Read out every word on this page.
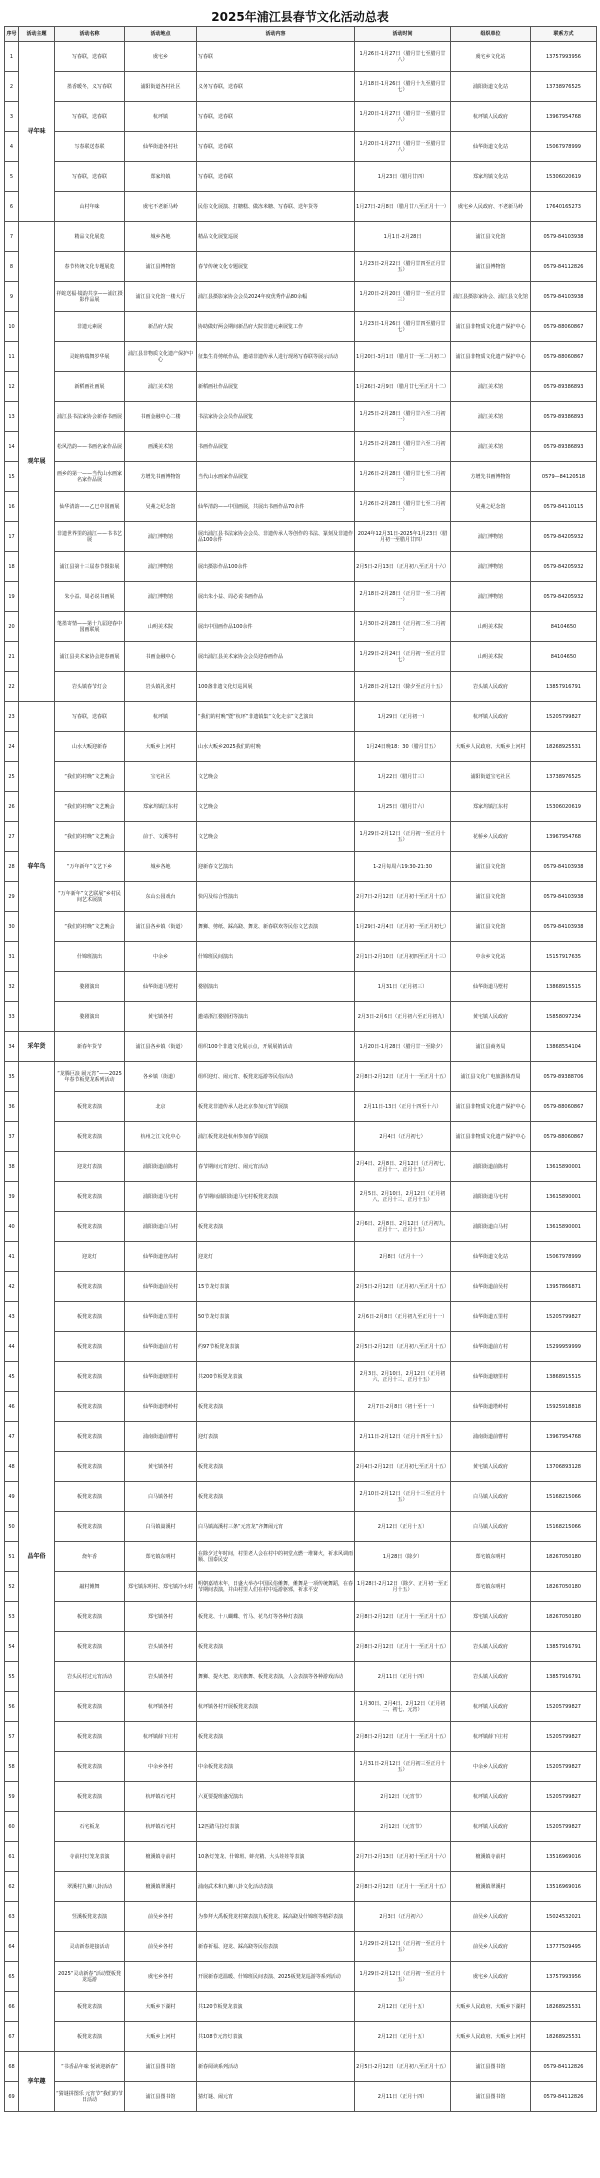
2025年浦江县春节文化活动总表
序号	活动主题	活动名称	活动地点	活动内容	活动时间	组织单位	联系方式
1	寻年味	写春联，送春联	虞宅乡	写春联	1月26日-1月27日（腊月廿七至腊月廿八）	虞宅乡文化站	13757993956
2		墨香暖冬，义写春联	浦阳街道各村社区	义务写春联，送春联	1月18日-1月26日（腊月十九至腊月廿七）	浦阳街道文化站	13738976525
3		写春联，送春联	杭坪镇	写春联，送春联	1月20日-1月27日（腊月廿一至腊月廿八）	杭坪镇人民政府	13967954768
4		写春联送春联	仙华街道各村社	写春联，送春联	1月20日-1月27日（腊月廿一至腊月廿八）	仙华街道文化站	15067978999
5		写春联，送春联	郑家坞镇	写春联，送春联	1月23日（腊月廿四）	郑家坞镇文化站	15306020619
6		山村年味	虞宅不老新马岭	民俗文化展演、打糖糕、做冻米糖、写春联、送年货等	1月27日-2月8日（腊月廿八至正月十一）	虞宅乡人民政府、不老新马岭	17640165273
7	观年展	精品文化展览	城乡各地	精品文化展览巡展	1月1日-2月28日	浦江县文化馆	0579-84103938
8		春节传统文化专题展览	浦江县博物馆	春节传统文化专题展览	1月23日-2月22日（腊月廿四至正月廿五）	浦江县博物馆	0579-84112826
9		祥蛇送福·镜韵共享——浦江摄影作品展	浦江县文化馆一楼大厅	浦江县摄影家协会会员2024年度优秀作品80余幅	1月20日-2月20日（腊月廿一至正月廿三）	浦江县摄影家协会、浦江县文化馆	0579-84103938
10		非遗元素展	新昌府大院	协助做好两会期间新昌府大院非遗元素展览工作	1月23日-1月26日（腊月廿四至腊月廿七）	浦江县非物质文化遗产保护中心	0579-88060867
11		灵蛇纳瑞舞岁华展	浦江县非物质文化遗产保护中心	征集生肖剪纸作品，邀请非遗传承人进行现场写春联等展示活动	1月20日-3月1日（腊月廿一至二月初二）	浦江县非物质文化遗产保护中心	0579-88060867
12		新稻画社画展	浦江美术馆	新稻画社作品展览	1月26日-2月9日（腊月廿七至正月十二）	浦江美术馆	0579-89386893
13		浦江县书法家协会新春书画展	书画金融中心二楼	书法家协会会员作品展览	1月25日-2月28日（腊月廿六至二月初一）	浦江美术馆	0579-89386893
14		松风浩韵——书画名家作品展	画溪美术馆	书画作品展览	1月25日-2月28日（腊月廿六至二月初一）	浦江美术馆	0579-89386893
15		画乡的第一——当代山水画家名家作品展	方增先书画博物馆	当代山水画家作品展览	1月26日-2月28日（腊月廿七至二月初一）	方增先书画博物馆	0579—84120518
16		仙华清韵——乙巳中国画展	吴茀之纪念馆	仙华清韵——中国画展，共展出书画作品70余件	1月26日-2月28日（腊月廿七至二月初一）	吴茀之纪念馆	0579-84110115
17		非遗世界里的浦江——书书艺展	浦江博物馆	展出浦江县书法家协会会员、非遗传承人等创作的书法、篆刻及非遗作品100余件	2024年12月31日-2025年1月23日（腊月初一至腊月廿四）	浦江博物馆	0579-84205932
18		浦江县第十三届春节摄影展	浦江博物馆	展出摄影作品100余件	2月5日-2月13日（正月初八至正月十六）	浦江博物馆	0579-84205932
19		朱小益、周必说书画展	浦江博物馆	展出朱小益、周必说书画作品	2月18日-2月28日（正月廿一至二月初一）	浦江博物馆	0579-84205932
20		笔墨寄情——第十九届迎春中国画联展	山明美术院	展出中国画作品100余件	1月30日-2月28日（正月初二至二月初一）	山明美术院	84104650
21		浦江县美术家协会迎春画展	书画金融中心	展出浦江县美术家协会会员迎春画作品	1月29日-2月24日（正月初一至正月廿七）	山明美术院	84104650
22		岩头镇春节灯会	岩头镇礼张村	100盏非遗文化灯巡回展	1月28日-2月12日（除夕至正月十五）	岩头镇人民政府	13857916791
23	春年鸟	写春联，送春联	杭坪镇	“我们的村晚”暨“杭坪”非遗镇集“文化走亲”文艺演出	1月29日（正月初一）	杭坪镇人民政府	15205799827
24		山水大畈迎新春	大畈乡上河村	山水大畈乡2025我们的村晚	1月24日晚18：30（腊月廿五）	大畈乡人民政府、大畈乡上河村	18268925531
25		“我们的村晚”文艺晚会	宝宅社区	文艺晚会	1月22日（腊月廿三）	浦阳街道宝宅社区	13738976525
26		“我们的村晚”文艺晚会	郑家坞镇江东村	文艺晚会	1月25日（腊月廿六）	郑家坞镇江东村	15306020619
27		“我们的村晚”文艺晚会	前于、文溪等村	文艺晚会	1月29日-2月12日（正月初一至正月十五）	花桥乡人民政府	13967954768
28		“万年新年”文艺下乡	城乡各地	迎新春文艺演出	1-2月每周六19:30-21:30	浦江县文化馆	0579-84103938
29		“万年新年”文艺联展”乡村民间艺术展演	东山公园戏台	快闪及综合性演出	2月7日-2月12日（正月初十至正月十五）	浦江县文化馆	0579-84103938
30		“我们的村晚”文艺晚会	浦江县各乡镇（街道）	舞狮、剪纸、踩高跷、舞龙、新春联欢等民俗文艺表演	1月29日-2月4日（正月初一至正月初七）	浦江县文化馆	0579-84103938
31		什锦班演出	中余乡	什锦班民间演出	2月1日-2月10日（正月初四至正月十三）	中余乡文化站	15157917635
32		婺剧演出	仙华街道马墅村	婺剧演出	1月31日（正月初三）	仙华街道马墅村	13868915515
33		婺剧演出	黄宅镇各村	邀请浙江婺剧团等演出	2月3日-2月6日（正月初六至正月初九）	黄宅镇人民政府	15858097234
34	采年货	新春年货节	浦江县各乡镇（街道）	组织100个非遗文化展示点，开展展销活动	1月20日-1月28日（腊月廿一至除夕）	浦江县商务局	13868554104
35	品年俗	“龙腾巨浪 闹元宵”——2025年春节板凳龙系列活动	各乡镇（街道）	组织迎灯、闹元宵、板凳龙巡游等民俗活动	2月8日-2月12日（正月十一至正月十五）	浦江县文化广电旅游体育局	0579-89388706
36		板凳龙表演	北京	板凳龙非遗传承人赴北京参加元宵节展演	2月11日-13日（正月十四至十六）	浦江县非物质文化遗产保护中心	0579-88060867
37		板凳龙表演	杭州之江文化中心	浦江板凳龙赴杭州参加春节展演	2月4日（正月初七）	浦江县非物质文化遗产保护中心	0579-88060867
38		迎龙灯表演	浦阳街道前陈村	春节期间元宵迎灯、闹元宵活动	2月4日、2月8日、2月12日（正月初七、正月十一、正月十五）	浦阳街道前陈村	13615890001
39		板凳龙表演	浦阳街道马宅村	春节期间浦阳街道马宅村板凳龙表演	2月5日、2月10日、2月12日（正月初八、正月十三、正月十五）	浦阳街道马宅村	13615890001
40		板凳龙表演	浦阳街道白马村	板凳龙表演	2月6日、2月8日、2月12日（正月初九、正月十一、正月十五）	浦阳街道白马村	13615890001
41		迎龙灯	仙华街道登高村	迎龙灯	2月8日（正月十一）	仙华街道文化站	15067978999
42		板凳龙表演	仙华街道前吴村	15节龙灯表演	2月5日-2月12日（正月初八至正月十五）	仙华街道前吴村	13957866871
43		板凳龙表演	仙华街道五里村	50节龙灯表演	2月6日-2月8日（正月初九至正月十一）	仙华街道五里村	15205799827
44		板凳龙表演	仙华街道前方村	约97节板凳龙表演	2月5日-2月12日（正月初八至正月十五）	仙华街道前方村	15299959999
45		板凳龙表演	仙华街道塘里村	共200节板凳龙表演	2月3日、2月10日、2月12日（正月初六、正月十三、正月十五）	仙华街道塘里村	13868915515
46		板凳龙表演	仙华街道塔岭村	板凳龙表演	2月7日-2月8日（初十至十一）	仙华街道塔岭村	15925918818
47		板凳龙表演	浦南街道前曹村	迎灯表演	2月11日-2月12日（正月十四至十五）	浦南街道前曹村	13967954768
48		板凳龙表演	黄宅镇各村	板凳龙表演	2月4日-2月12日（正月初七至正月十五）	黄宅镇人民政府	13706893128
49		板凳龙表演	白马镇各村	板凳龙表演	2月10日-2月12日（正月十三至正月十五）	白马镇人民政府	15168215066
50		板凳龙表演	白马镇嵩溪村	白马镇嵩溪村三条“元宵龙”齐舞闹元宵	2月12日（正月十五）	白马镇人民政府	15168215066
51		烧年香	郑宅镇东明村	在除夕过年时间，村里老人会在村中的祠堂点燃一堆篝火，祈求风调雨顺、国泰民安	1月28日（除夕）	郑宅镇东明村	18267050180
52		敲村傩舞	郑宅镇东明村、郑宅镇冷水村	明朝嘉靖末年，日盛大举办中国民俗傩舞，傩舞是一项传统舞蹈，在春节期间表演，并由村里人们在村中巡游驱邪，祈求平安	1月28日-2月12日（除夕、正月初一至正月十五）	郑宅镇东明村	18267050180
53		板凳龙表演	郑宅镇各村	板凳龙、十八蝴蝶、竹马、花鸟灯等各种灯表演	2月8日-2月12日（正月十一至正月十五）	郑宅镇人民政府	18267050180
54		板凳龙表演	岩头镇各村	板凳龙表演	2月8日-2月12日（正月十一至正月十五）	岩头镇人民政府	13857916791
55		岩头民村过元宵活动	岩头镇各村	舞狮、提火把、龙虎旗舞、板凳龙表演，人会表演等各种游戏活动	2月11日（正月十四）	岩头镇人民政府	13857916791
56		板凳龙表演	杭坪镇各村	杭坪镇各村开展板凳龙表演	1月30日、2月4日、2月12日（正月初二、初七、元宵）	杭坪镇人民政府	15205799827
57		板凳龙表演	杭坪镇薛下庄村	板凳龙表演	2月8日-2月12日（正月十一至正月十五）	杭坪镇薛下庄村	15205799827
58		板凳龙表演	中余乡各村	中余板凳龙表演	1月31日-2月12日（正月初三至正月十五）	中余乡人民政府	15205799827
59		板凳龙表演	杭坪镇石宅村	六夏要提班盛况演出	2月12日（元宵节）	杭坪镇人民政府	15205799827
60		石宅板龙	杭坪镇石宅村	12匹踏马拉灯表演	2月12日（元宵节）	杭坪镇人民政府	15205799827
61		寺前村灯笼龙表演	檀溪镇寺前村	10条灯笼龙、什锦班、蚌壳精、大头娃娃等表演	2月7日-2月13日（正月初十至正月十六）	檀溪镇寺前村	13516969016
62		翠溪村九狮八卦活动	檀溪镇翠溪村	浦南武术和九狮八卦文化活动表演	2月8日-2月12日（正月十一至正月十五）	檀溪镇翠溪村	13516969016
63		竖溪板凳龙表演	前吴乡各村	为参拜大禹板凳龙村寨表演九板凳龙、踩高跷及什锦班等精彩表演	2月3日（正月初六）	前吴乡人民政府	15024532021
64		灵动新春迎接活动	前吴乡各村	新春祈福、迎龙、踩高跷等民俗表演	1月29日-2月12日（正月初一至正月十五）	前吴乡人民政府	13777509495
65		2025“灵动新春”活动暨板凳龙巡游	虞宅乡各村	开展新春送温暖、什锦班民间表演、2025板凳龙巡游等系列活动	1月29日-2月12日（正月初一至正月十五）	虞宅乡人民政府	13757993956
66		板凳龙表演	大畈乡下湖村	共120节板凳龙表演	2月12日（正月十五）	大畈乡人民政府、大畈乡下湖村	18268925531
67		板凳龙表演	大畈乡上河村	共108节元宵灯表演	2月12日（正月十五）	大畈乡人民政府、大畈乡上河村	18268925531
68	享年趣	“书香品年味 悦读迎新春”	浦江县图书馆	新春阅读系列活动	2月5日-2月12日（正月初八至正月十五）	浦江县图书馆	0579-84112826
69		“猜谜拼图乐 元宵节”我们的节日活动	浦江县图书馆	猜灯谜、闹元宵	2月11日（正月十四）	浦江县图书馆	0579-84112826
